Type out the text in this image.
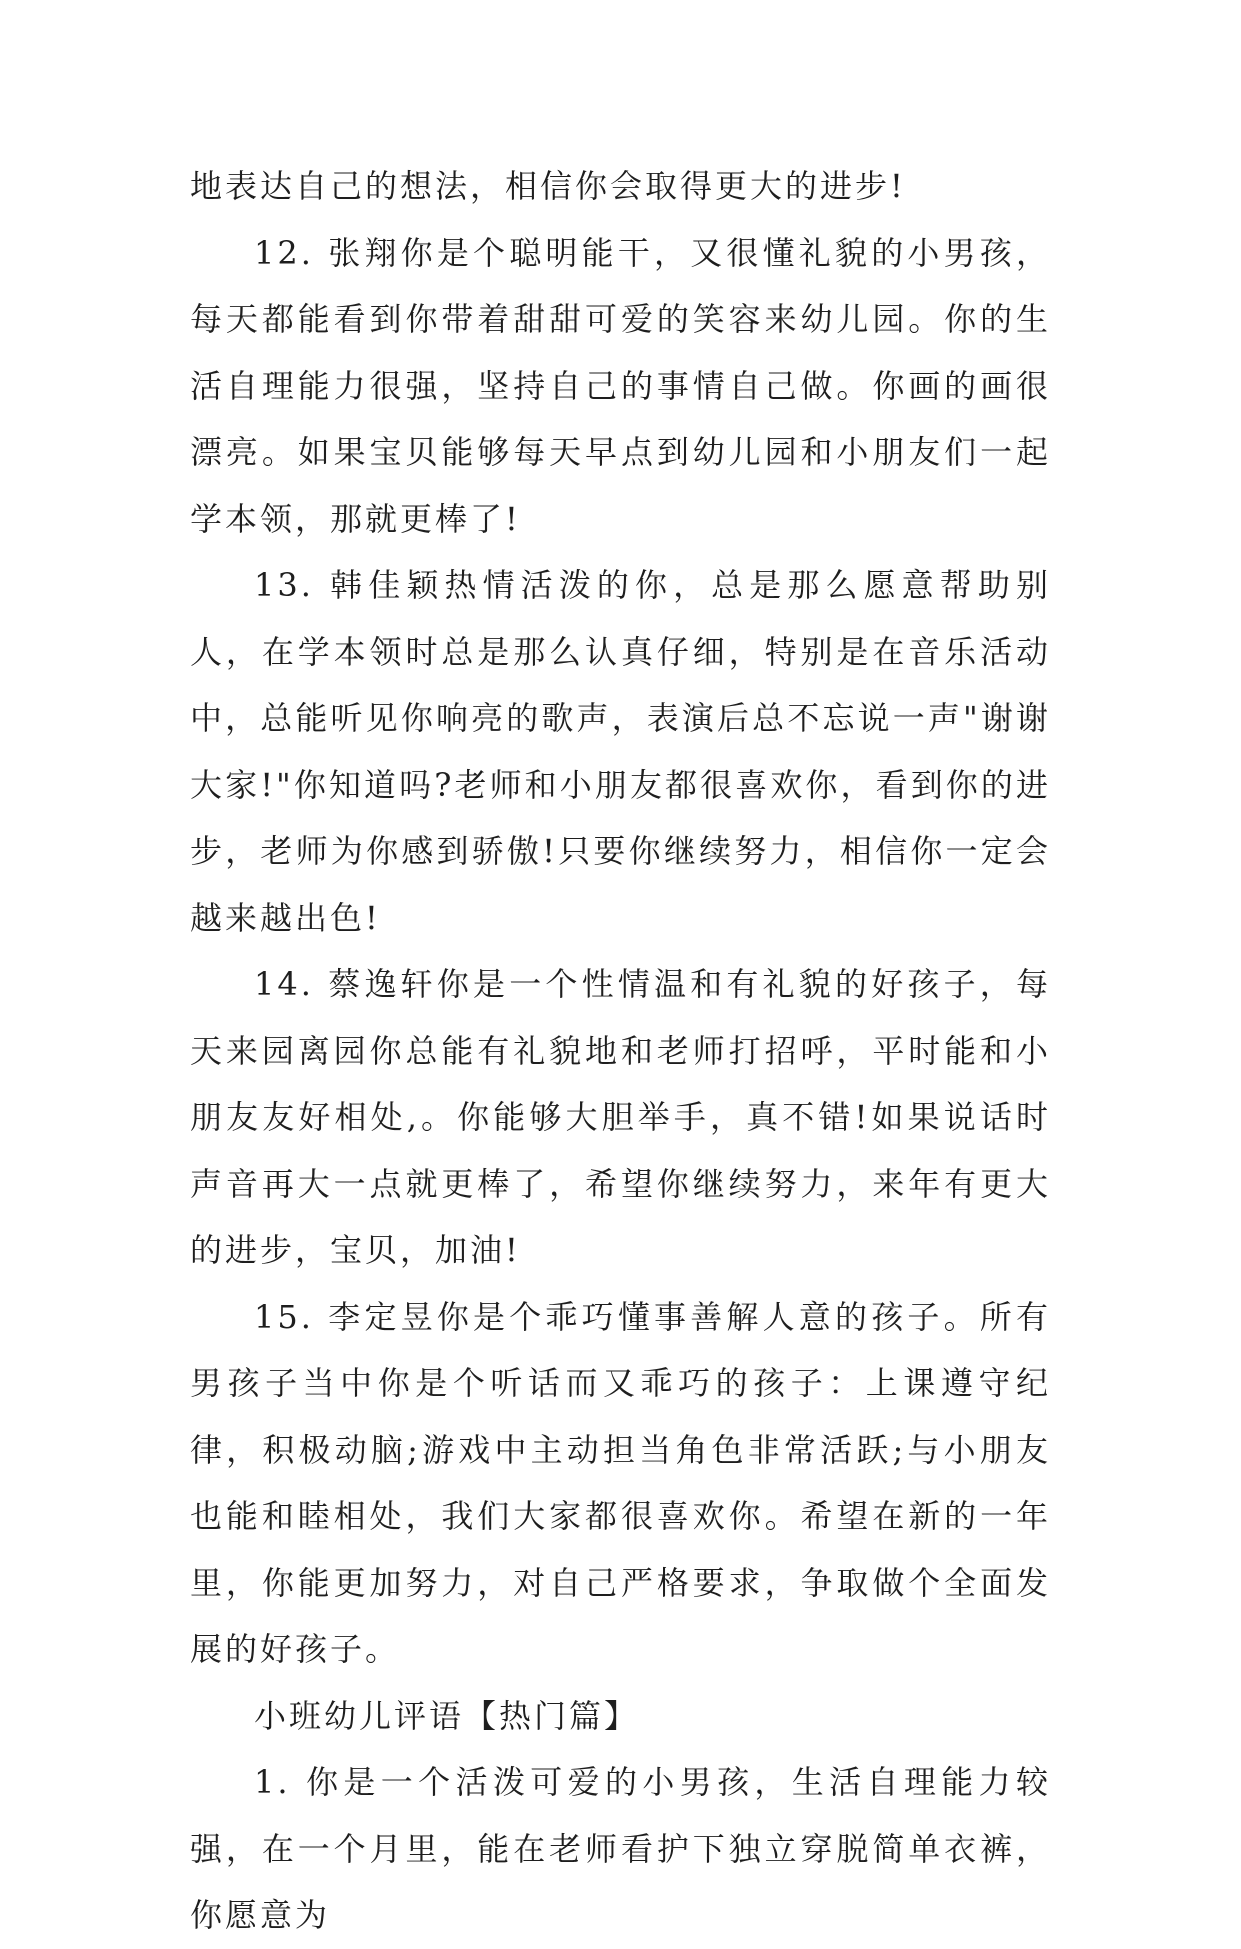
地表达自己的想法，相信你会取得更大的进步!

12. 张翔你是个聪明能干，又很懂礼貌的小男孩，每天都能看到你带着甜甜可爱的笑容来幼儿园。你的生活自理能力很强，坚持自己的事情自己做。你画的画很漂亮。如果宝贝能够每天早点到幼儿园和小朋友们一起学本领，那就更棒了!

13. 韩佳颖热情活泼的你，总是那么愿意帮助别人，在学本领时总是那么认真仔细，特别是在音乐活动中，总能听见你响亮的歌声，表演后总不忘说一声"谢谢大家!"你知道吗?老师和小朋友都很喜欢你，看到你的进步，老师为你感到骄傲!只要你继续努力，相信你一定会越来越出色!

14. 蔡逸轩你是一个性情温和有礼貌的好孩子，每天来园离园你总能有礼貌地和老师打招呼，平时能和小朋友友好相处,。你能够大胆举手，真不错!如果说话时声音再大一点就更棒了，希望你继续努力，来年有更大的进步，宝贝，加油!

15. 李定昱你是个乖巧懂事善解人意的孩子。所有男孩子当中你是个听话而又乖巧的孩子：上课遵守纪律，积极动脑;游戏中主动担当角色非常活跃;与小朋友也能和睦相处，我们大家都很喜欢你。希望在新的一年里，你能更加努力，对自己严格要求，争取做个全面发展的好孩子。

小班幼儿评语【热门篇】

1. 你是一个活泼可爱的小男孩，生活自理能力较强，在一个月里，能在老师看护下独立穿脱简单衣裤，你愿意为
